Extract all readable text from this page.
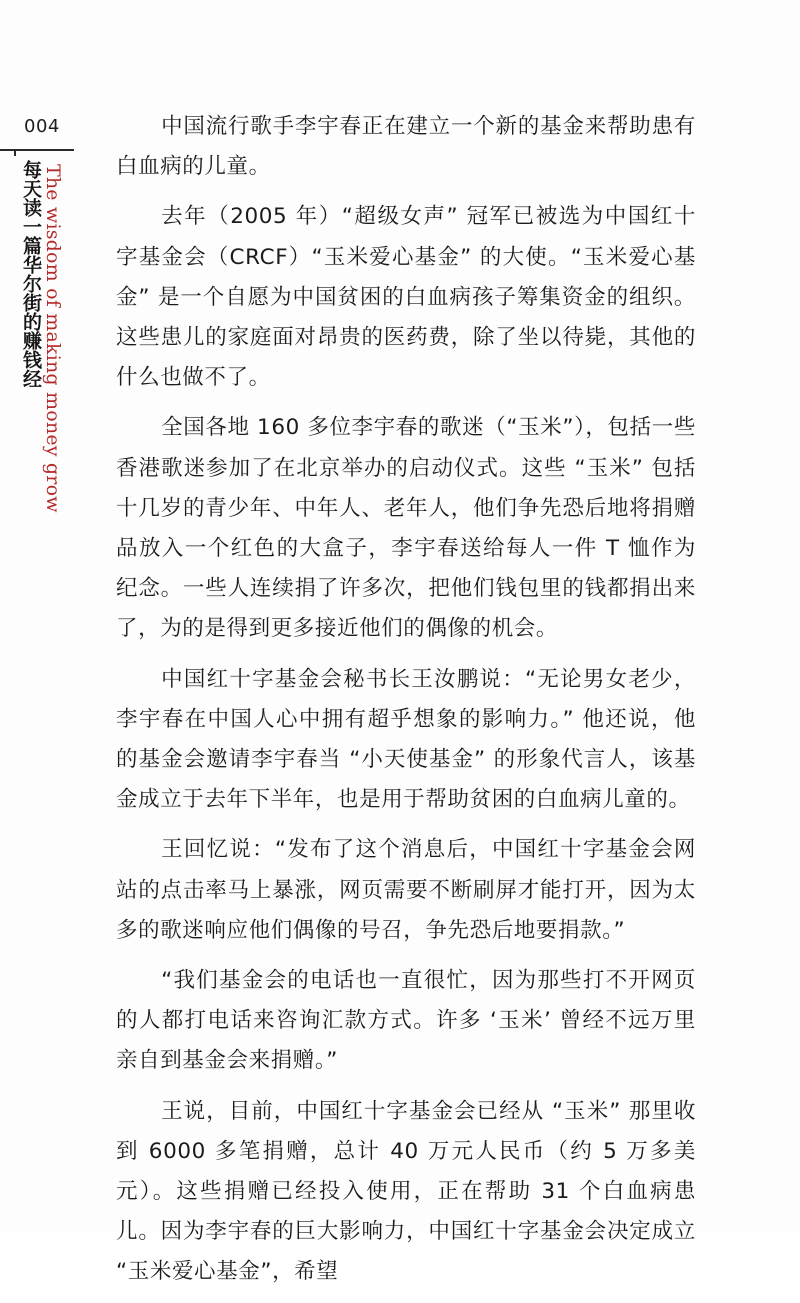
004
每天读一篇华尔街的赚钱经 The wisdom of making money grow

中国流行歌手李宇春正在建立一个新的基金来帮助患有白血病的儿童。

去年（2005 年）“超级女声” 冠军已被选为中国红十字基金会（CRCF）“玉米爱心基金” 的大使。“玉米爱心基金” 是一个自愿为中国贫困的白血病孩子筹集资金的组织。这些患儿的家庭面对昂贵的医药费，除了坐以待毙，其他的什么也做不了。

全国各地 160 多位李宇春的歌迷（“玉米”），包括一些香港歌迷参加了在北京举办的启动仪式。这些 “玉米” 包括十几岁的青少年、中年人、老年人，他们争先恐后地将捐赠品放入一个红色的大盒子，李宇春送给每人一件 T 恤作为纪念。一些人连续捐了许多次，把他们钱包里的钱都捐出来了，为的是得到更多接近他们的偶像的机会。

中国红十字基金会秘书长王汝鹏说：“无论男女老少，李宇春在中国人心中拥有超乎想象的影响力。” 他还说，他的基金会邀请李宇春当 “小天使基金” 的形象代言人，该基金成立于去年下半年，也是用于帮助贫困的白血病儿童的。

王回忆说：“发布了这个消息后，中国红十字基金会网站的点击率马上暴涨，网页需要不断刷屏才能打开，因为太多的歌迷响应他们偶像的号召，争先恐后地要捐款。”

“我们基金会的电话也一直很忙，因为那些打不开网页的人都打电话来咨询汇款方式。许多 ‘玉米’ 曾经不远万里亲自到基金会来捐赠。”

王说，目前，中国红十字基金会已经从 “玉米” 那里收到 6000 多笔捐赠，总计 40 万元人民币（约 5 万多美元）。这些捐赠已经投入使用，正在帮助 31 个白血病患儿。因为李宇春的巨大影响力，中国红十字基金会决定成立 “玉米爱心基金”，希望
